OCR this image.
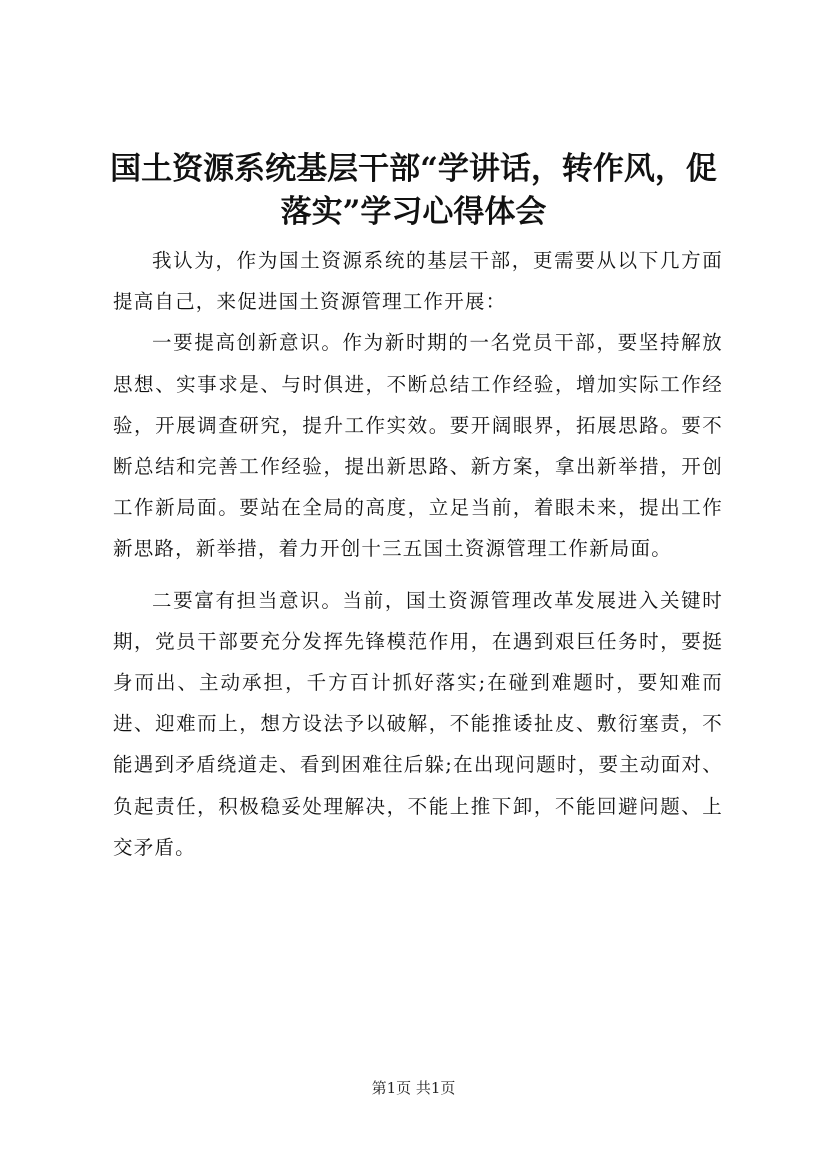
国土资源系统基层干部“学讲话，转作风，促落实”学习心得体会

我认为，作为国土资源系统的基层干部，更需要从以下几方面提高自己，来促进国土资源管理工作开展：

一要提高创新意识。作为新时期的一名党员干部，要坚持解放思想、实事求是、与时俱进，不断总结工作经验，增加实际工作经验，开展调查研究，提升工作实效。要开阔眼界，拓展思路。要不断总结和完善工作经验，提出新思路、新方案，拿出新举措，开创工作新局面。要站在全局的高度，立足当前，着眼未来，提出工作新思路，新举措，着力开创十三五国土资源管理工作新局面。

二要富有担当意识。当前，国土资源管理改革发展进入关键时期，党员干部要充分发挥先锋模范作用，在遇到艰巨任务时，要挺身而出、主动承担，千方百计抓好落实;在碰到难题时，要知难而进、迎难而上，想方设法予以破解，不能推诿扯皮、敷衍塞责，不能遇到矛盾绕道走、看到困难往后躲;在出现问题时，要主动面对、负起责任，积极稳妥处理解决，不能上推下卸，不能回避问题、上交矛盾。

第1页 共1页
